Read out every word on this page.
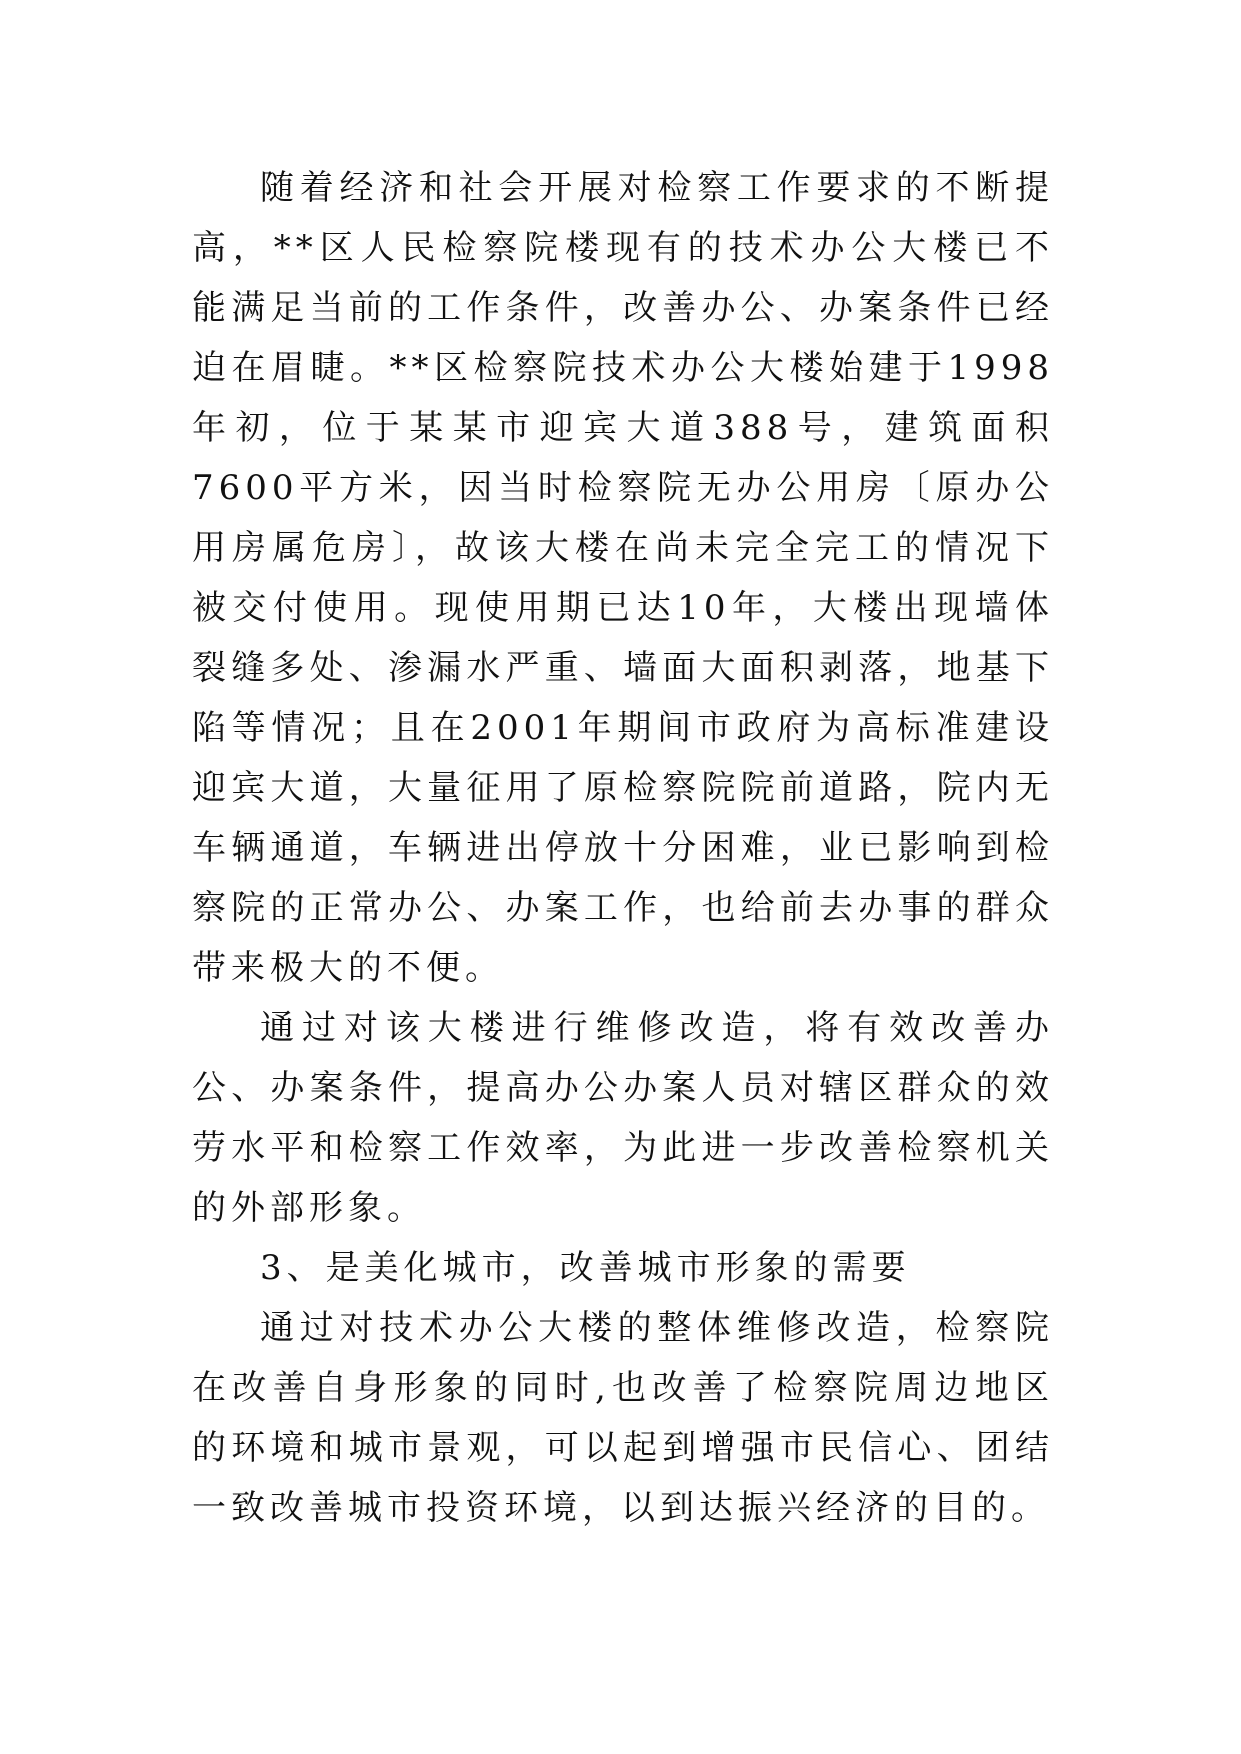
随着经济和社会开展对检察工作要求的不断提高，**区人民检察院楼现有的技术办公大楼已不能满足当前的工作条件，改善办公、办案条件已经迫在眉睫。**区检察院技术办公大楼始建于1998年初，位于某某市迎宾大道388号，建筑面积7600平方米，因当时检察院无办公用房〔原办公用房属危房〕，故该大楼在尚未完全完工的情况下被交付使用。现使用期已达10年，大楼出现墙体裂缝多处、渗漏水严重、墙面大面积剥落，地基下陷等情况；且在2001年期间市政府为高标准建设迎宾大道，大量征用了原检察院院前道路，院内无车辆通道，车辆进出停放十分困难，业已影响到检察院的正常办公、办案工作，也给前去办事的群众带来极大的不便。

通过对该大楼进行维修改造，将有效改善办公、办案条件，提高办公办案人员对辖区群众的效劳水平和检察工作效率，为此进一步改善检察机关的外部形象。

3、是美化城市，改善城市形象的需要

通过对技术办公大楼的整体维修改造，检察院在改善自身形象的同时,也改善了检察院周边地区的环境和城市景观，可以起到增强市民信心、团结一致改善城市投资环境，以到达振兴经济的目的。
